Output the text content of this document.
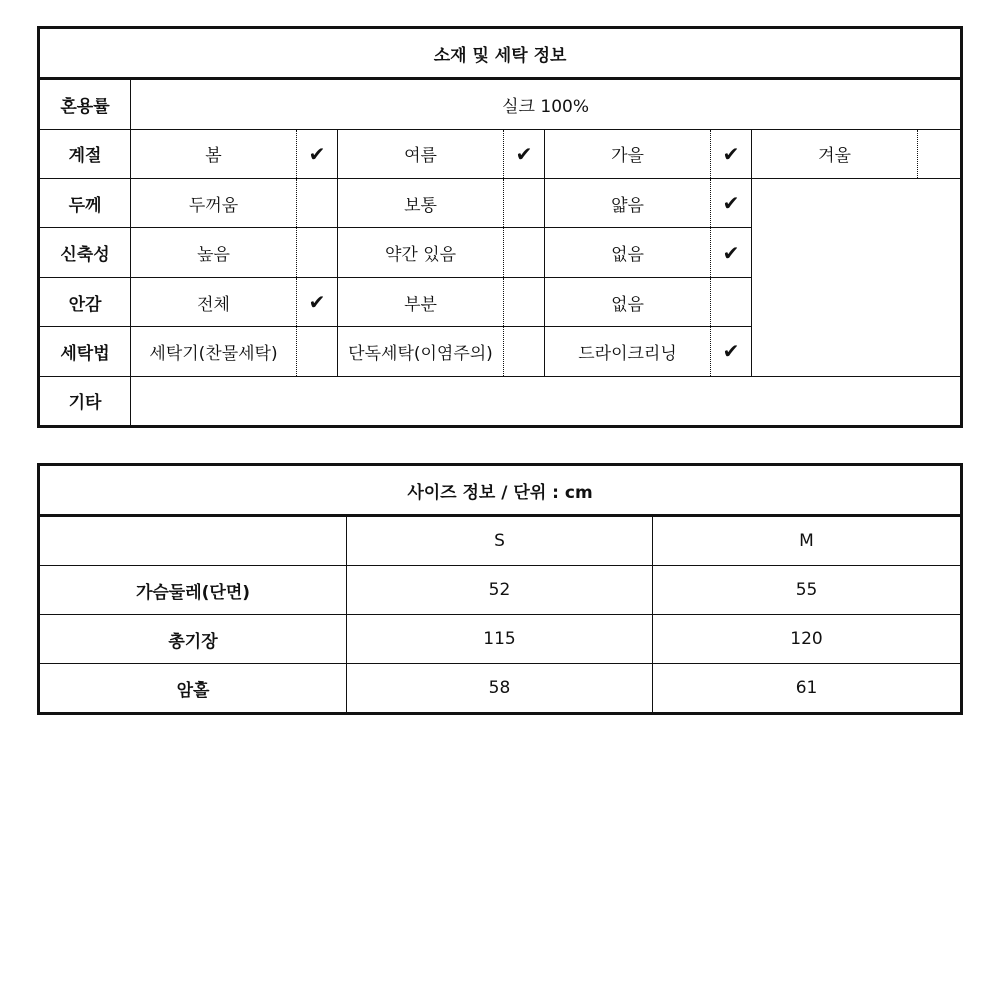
소재 및 세탁 정보								
혼용률	실크 100%							
계절	봄	✔	여름	✔	가을	✔	겨울	
두께	두꺼움		보통		얇음	✔		
신축성	높음		약간 있음		없음	✔		
안감	전체	✔	부분		없음			
세탁법	세탁기(찬물세탁)		단독세탁(이염주의)		드라이크리닝	✔		
기타								
사이즈 정보 / 단위 : cm		
	S	M
가슴둘레(단면)	52	55
총기장	115	120
암홀	58	61
